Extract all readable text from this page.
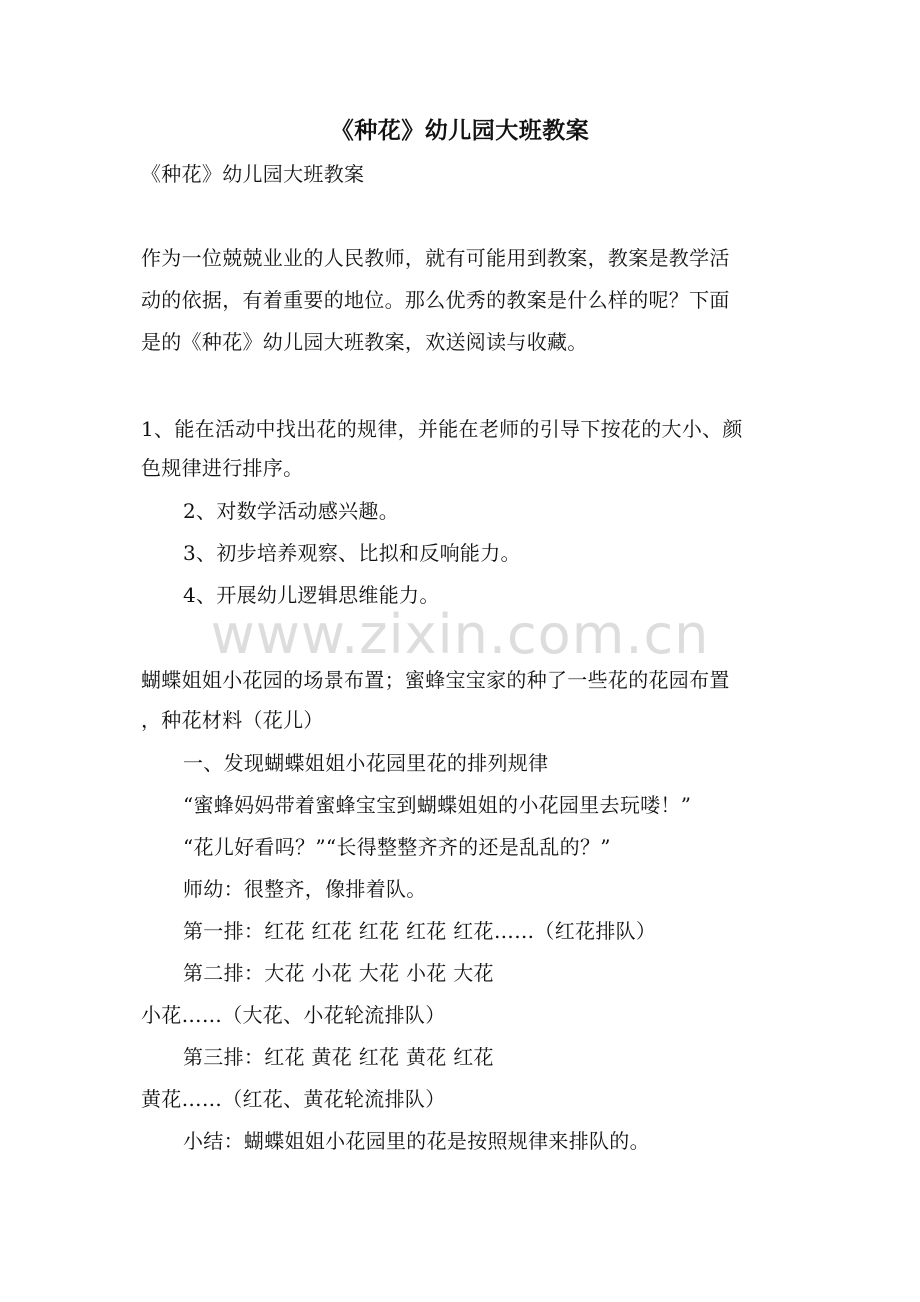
《种花》幼儿园大班教案
《种花》幼儿园大班教案
作为一位兢兢业业的人民教师，就有可能用到教案，教案是教学活
动的依据，有着重要的地位。那么优秀的教案是什么样的呢？下面
是的《种花》幼儿园大班教案，欢送阅读与收藏。
1、能在活动中找出花的规律，并能在老师的引导下按花的大小、颜
色规律进行排序。
2、对数学活动感兴趣。
3、初步培养观察、比拟和反响能力。
4、开展幼儿逻辑思维能力。
www.zixin.com.cn
蝴蝶姐姐小花园的场景布置；蜜蜂宝宝家的种了一些花的花园布置
，种花材料（花儿）
一、发现蝴蝶姐姐小花园里花的排列规律
“蜜蜂妈妈带着蜜蜂宝宝到蝴蝶姐姐的小花园里去玩喽！”
“花儿好看吗？”“长得整整齐齐的还是乱乱的？”
师幼：很整齐，像排着队。
第一排：红花 红花 红花 红花 红花……（红花排队）
第二排：大花 小花 大花 小花 大花
小花……（大花、小花轮流排队）
第三排：红花 黄花 红花 黄花 红花
黄花……（红花、黄花轮流排队）
小结：蝴蝶姐姐小花园里的花是按照规律来排队的。
